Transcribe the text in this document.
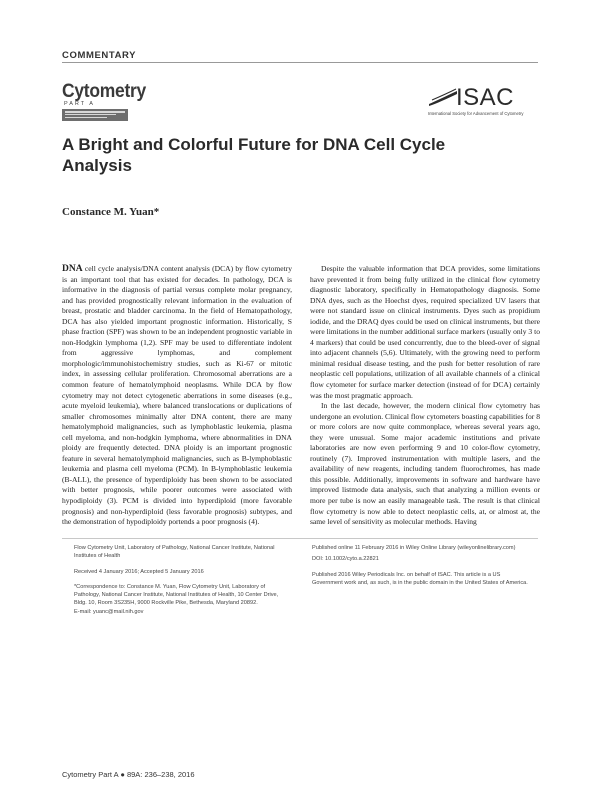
COMMENTARY
Cytometry
PART A	ISAC
International Society for Advancement of Cytometry
A Bright and Colorful Future for DNA Cell Cycle Analysis
Constance M. Yuan*

DNA cell cycle analysis/DNA content analysis (DCA) by flow cytometry is an important tool that has existed for decades. In pathology, DCA is informative in the diagnosis of partial versus complete molar pregnancy, and has provided prognostically relevant information in the evaluation of breast, prostatic and bladder carcinoma. In the field of Hematopathology, DCA has also yielded important prognostic information. Historically, S phase fraction (SPF) was shown to be an independent prognostic variable in non-Hodgkin lymphoma (1,2). SPF may be used to differentiate indolent from aggressive lymphomas, and complement morphologic/immunohistochemistry studies, such as Ki-67 or mitotic index, in assessing cellular proliferation. Chromosomal aberrations are a common feature of hematolymphoid neoplasms. While DCA by flow cytometry may not detect cytogenetic aberrations in some diseases (e.g., acute myeloid leukemia), where balanced translocations or duplications of smaller chromosomes minimally alter DNA content, there are many hematolymphoid malignancies, such as lymphoblastic leukemia, plasma cell myeloma, and non-hodgkin lymphoma, where abnormalities in DNA ploidy are frequently detected. DNA ploidy is an important prognostic feature in several hematolymphoid malignancies, such as B-lymphoblastic leukemia and plasma cell myeloma (PCM). In B-lymphoblastic leukemia (B-ALL), the presence of hyperdiploidy has been shown to be associated with better prognosis, while poorer outcomes were associated with hypodiploidy (3). PCM is divided into hyperdiploid (more favorable prognosis) and non-hyperdiploid (less favorable prognosis) subtypes, and the demonstration of hypodiploidy portends a poor prognosis (4).

Despite the valuable information that DCA provides, some limitations have prevented it from being fully utilized in the clinical flow cytometry diagnostic laboratory, specifically in Hematopathology diagnosis. Some DNA dyes, such as the Hoechst dyes, required specialized UV lasers that were not standard issue on clinical instruments. Dyes such as propidium iodide, and the DRAQ dyes could be used on clinical instruments, but there were limitations in the number additional surface markers (usually only 3 to 4 markers) that could be used concurrently, due to the bleed-over of signal into adjacent channels (5,6). Ultimately, with the growing need to perform minimal residual disease testing, and the push for better resolution of rare neoplastic cell populations, utilization of all available channels of a clinical flow cytometer for surface marker detection (instead of for DCA) certainly was the most pragmatic approach.

In the last decade, however, the modern clinical flow cytometry has undergone an evolution. Clinical flow cytometers boasting capabilities for 8 or more colors are now quite commonplace, whereas several years ago, they were unusual. Some major academic institutions and private laboratories are now even performing 9 and 10 color-flow cytometry, routinely (7). Improved instrumentation with multiple lasers, and the availability of new reagents, including tandem fluorochromes, has made this possible. Additionally, improvements in software and hardware have improved listmode data analysis, such that analyzing a million events or more per tube is now an easily manageable task. The result is that clinical flow cytometry is now able to detect neoplastic cells, at, or almost at, the same level of sensitivity as molecular methods. Having

Flow Cytometry Unit, Laboratory of Pathology, National Cancer Institute, National Institutes of Health

Received 4 January 2016; Accepted 5 January 2016

*Correspondence to: Constance M. Yuan, Flow Cytometry Unit, Laboratory of Pathology, National Cancer Institute, National Institutes of Health, 10 Center Drive, Bldg. 10, Room 3S235H, 9000 Rockville Pike, Bethesda, Maryland 20892.
E-mail: yuanc@mail.nih.gov

Published online 11 February 2016 in Wiley Online Library (wileyonlinelibrary.com)

DOI: 10.1002/cyto.a.22821

Published 2016 Wiley Periodicals Inc. on behalf of ISAC. This article is a US Government work and, as such, is in the public domain in the United States of America.

Cytometry Part A ● 89A: 236–238, 2016
